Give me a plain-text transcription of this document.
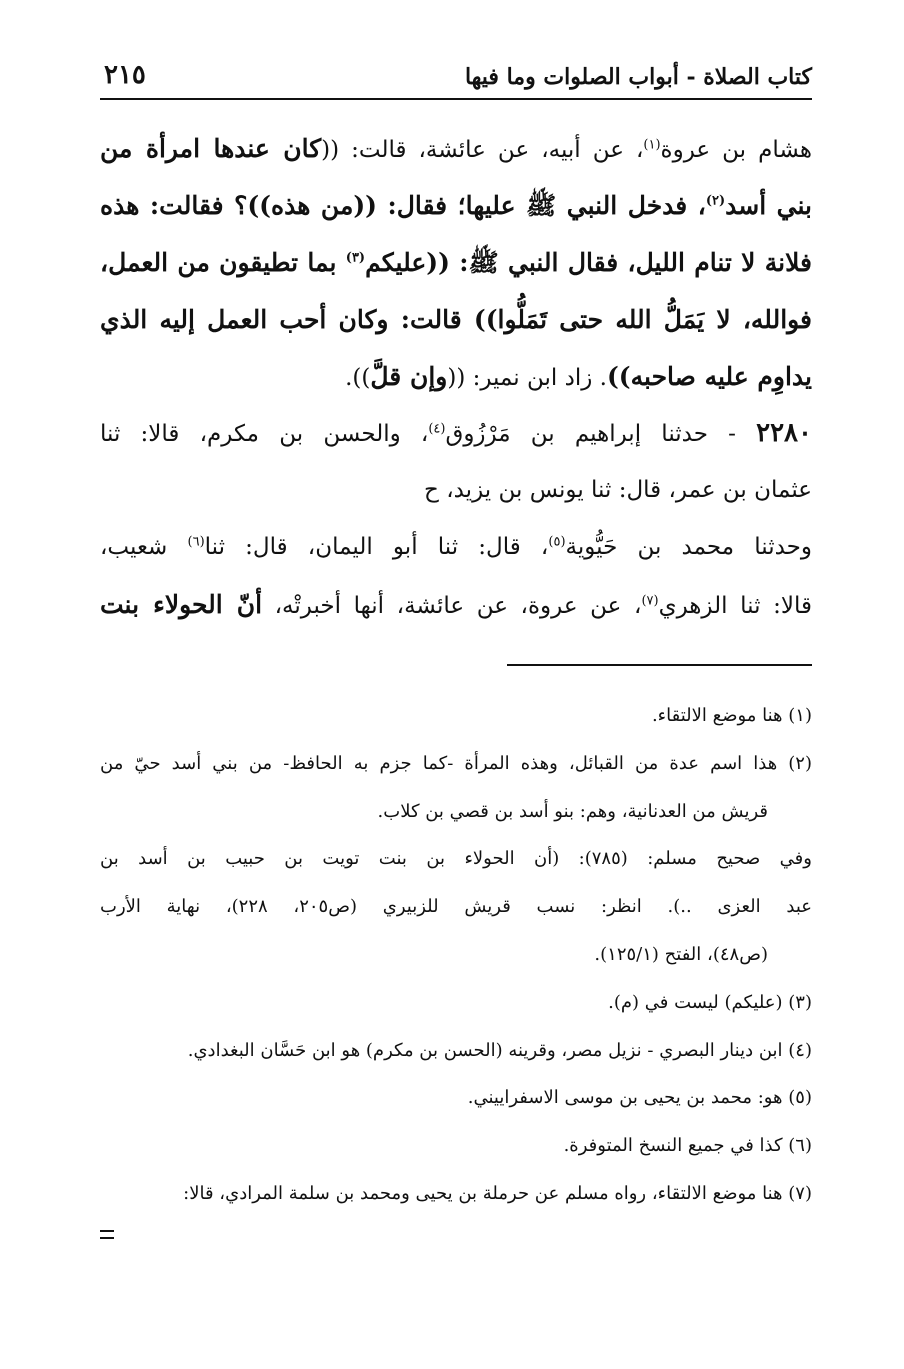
كتاب الصلاة - أبواب الصلوات وما فيها
٢١٥
هشام بن عروة$^{(١)}$، عن أبيه، عن عائشة، قالت: ((كان عندها امرأة من
بني أسد$^{(٢)}$، فدخل النبي ﷺ عليها؛ فقال: ((من هذه))؟ فقالت: هذه
فلانة لا تنام الليل، فقال النبي ﷺ: ((عليكم$^{(٣)}$ بما تطيقون من العمل،
فوالله، لا يَمَلُّ الله حتى تَمَلُّوا)) قالت: وكان أحب العمل إليه الذي
يداوِم عليه صاحبه)). زاد ابن نمير: ((وإن قلَّ)).
٢٢٨٠ - حدثنا إبراهيم بن مَرْزُوق$^{(٤)}$، والحسن بن مكرم، قالا: ثنا
عثمان بن عمر، قال: ثنا يونس بن يزيد، ح
وحدثنا محمد بن حَيُّوية$^{(٥)}$، قال: ثنا أبو اليمان، قال: ثنا$^{(٦)}$ شعيب،
قالا: ثنا الزهري$^{(٧)}$، عن عروة، عن عائشة، أنها أخبرتْه، أنّ الحولاء بنت
(١) هنا موضع الالتقاء.
(٢) هذا اسم عدة من القبائل، وهذه المرأة -كما جزم به الحافظ- من بني أسد حيّ من
قريش من العدنانية، وهم: بنو أسد بن قصي بن كلاب.
وفي صحيح مسلم: (٧٨٥): (أن الحولاء بن بنت تويت بن حبيب بن أسد بن
عبد العزى ..). انظر: نسب قريش للزبيري (ص٢٠٥، ٢٢٨)، نهاية الأرب
(ص٤٨)، الفتح (١٢٥/١).
(٣) (عليكم) ليست في (م).
(٤) ابن دينار البصري - نزيل مصر، وقرينه (الحسن بن مكرم) هو ابن حَسَّان البغدادي.
(٥) هو: محمد بن يحيى بن موسى الاسفراييني.
(٦) كذا في جميع النسخ المتوفرة.
(٧) هنا موضع الالتقاء، رواه مسلم عن حرملة بن يحيى ومحمد بن سلمة المرادي، قالا:
